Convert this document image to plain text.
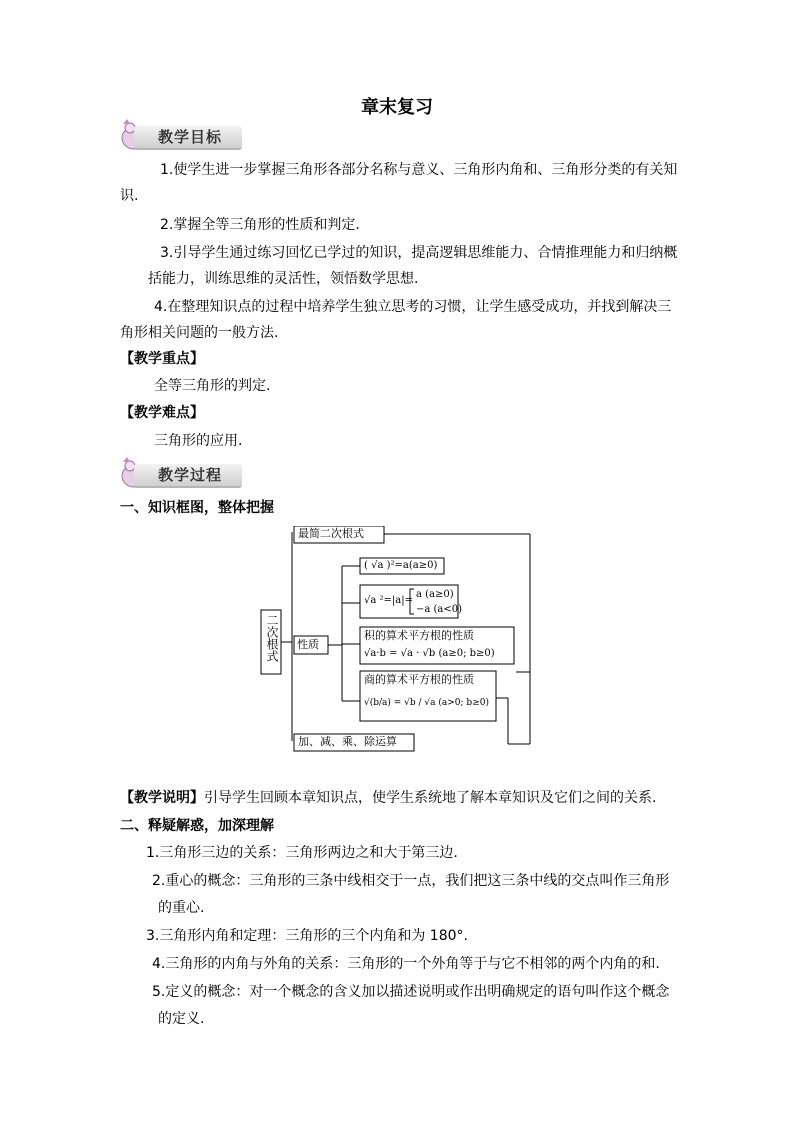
章末复习
教学目标
1.使学生进一步掌握三角形各部分名称与意义、三角形内角和、三角形分类的有关知
识.
2.掌握全等三角形的性质和判定.
3.引导学生通过练习回忆已学过的知识，提高逻辑思维能力、合情推理能力和归纳概
括能力，训练思维的灵活性，领悟数学思想.
4.在整理知识点的过程中培养学生独立思考的习惯，让学生感受成功，并找到解决三
角形相关问题的一般方法.
【教学重点】
全等三角形的判定.
【教学难点】
三角形的应用.
教学过程
一、知识框图，整体把握
二次根式
最简二次根式
性质
( √a )²=a(a≥0)
√a ²=|a|=
a (a≥0)
−a (a<0)
积的算术平方根的性质
√a·b = √a · √b (a≥0; b≥0)
商的算术平方根的性质
√(b/a) = √b / √a (a>0; b≥0)
加、减、乘、除运算
【教学说明】引导学生回顾本章知识点，使学生系统地了解本章知识及它们之间的关系.
二、释疑解惑，加深理解
1.三角形三边的关系：三角形两边之和大于第三边.
2.重心的概念：三角形的三条中线相交于一点，我们把这三条中线的交点叫作三角形
的重心.
3.三角形内角和定理：三角形的三个内角和为 180°.
4.三角形的内角与外角的关系：三角形的一个外角等于与它不相邻的两个内角的和.
5.定义的概念：对一个概念的含义加以描述说明或作出明确规定的语句叫作这个概念
的定义.
